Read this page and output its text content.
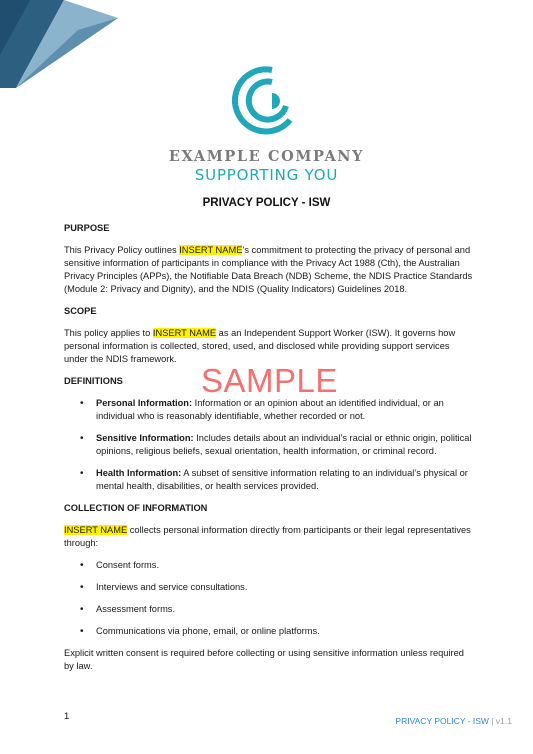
EXAMPLE COMPANY
SUPPORTING YOU
PRIVACY POLICY - ISW
PURPOSE

This Privacy Policy outlines INSERT NAME’s commitment to protecting the privacy of personal and sensitive information of participants in compliance with the Privacy Act 1988 (Cth), the Australian Privacy Principles (APPs), the Notifiable Data Breach (NDB) Scheme, the NDIS Practice Standards (Module 2: Privacy and Dignity), and the NDIS (Quality Indicators) Guidelines 2018.

SCOPE

This policy applies to INSERT NAME as an Independent Support Worker (ISW). It governs how personal information is collected, stored, used, and disclosed while providing support services under the NDIS framework.

DEFINITIONS
• Personal Information: Information or an opinion about an identified individual, or an individual who is reasonably identifiable, whether recorded or not.
• Sensitive Information: Includes details about an individual’s racial or ethnic origin, political opinions, religious beliefs, sexual orientation, health information, or criminal record.
• Health Information: A subset of sensitive information relating to an individual’s physical or mental health, disabilities, or health services provided.
COLLECTION OF INFORMATION

INSERT NAME collects personal information directly from participants or their legal representatives through:

• Consent forms.
• Interviews and service consultations.
• Assessment forms.
• Communications via phone, email, or online platforms.

Explicit written consent is required before collecting or using sensitive information unless required by law.

SAMPLE
1	PRIVACY POLICY - ISW | v1.1
